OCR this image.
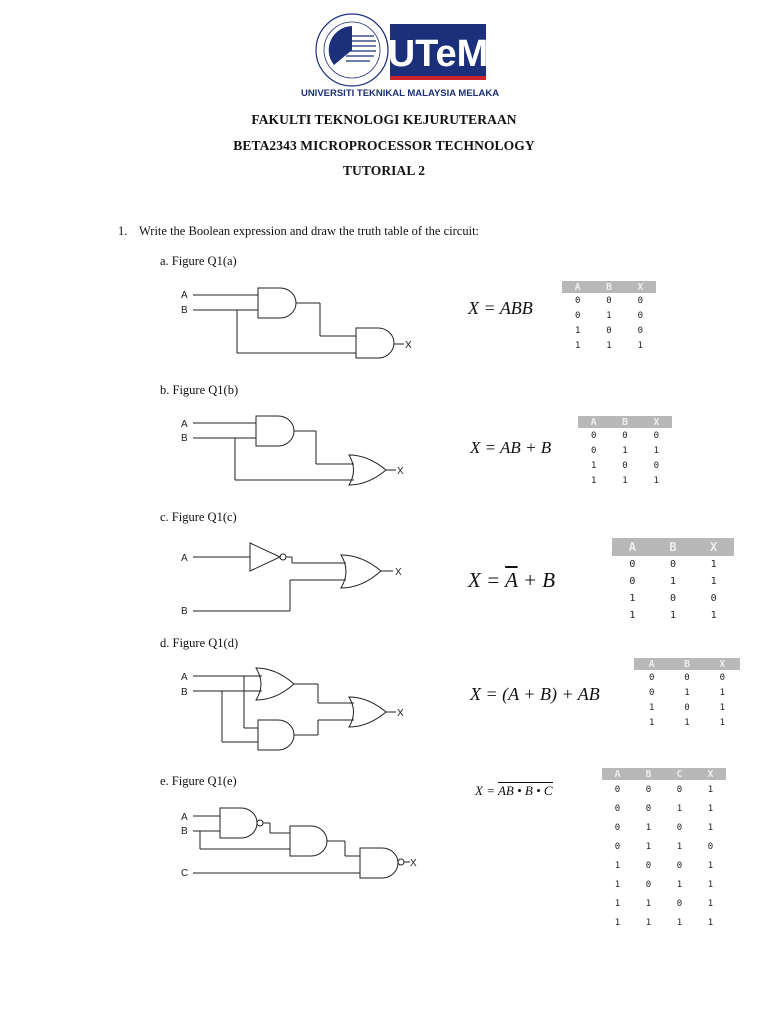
UTeM
UNIVERSITI TEKNIKAL MALAYSIA MELAKA
FAKULTI TEKNOLOGI KEJURUTERAAN
BETA2343 MICROPROCESSOR TECHNOLOGY
TUTORIAL 2
1. Write the Boolean expression and draw the truth table of the circuit:
a. Figure Q1(a)
b. Figure Q1(b)
c. Figure Q1(c)
d. Figure Q1(d)
e. Figure Q1(e)
A
B
X
A
B
X
A
B
X
A
B
X
A
B
C
X
X = ABB
X = AB + B
$X = \overline{A} + B$
X = (A + B) + AB
X = AB • B • C
A	B	X
0	0	0
0	1	0
1	0	0
1	1	1
A	B	X
0	0	0
0	1	1
1	0	0
1	1	1
A	B	X
0	0	1
0	1	1
1	0	0
1	1	1
A	B	X
0	0	0
0	1	1
1	0	1
1	1	1
A	B	C	X
0	0	0	1
0	0	1	1
0	1	0	1
0	1	1	0
1	0	0	1
1	0	1	1
1	1	0	1
1	1	1	1
